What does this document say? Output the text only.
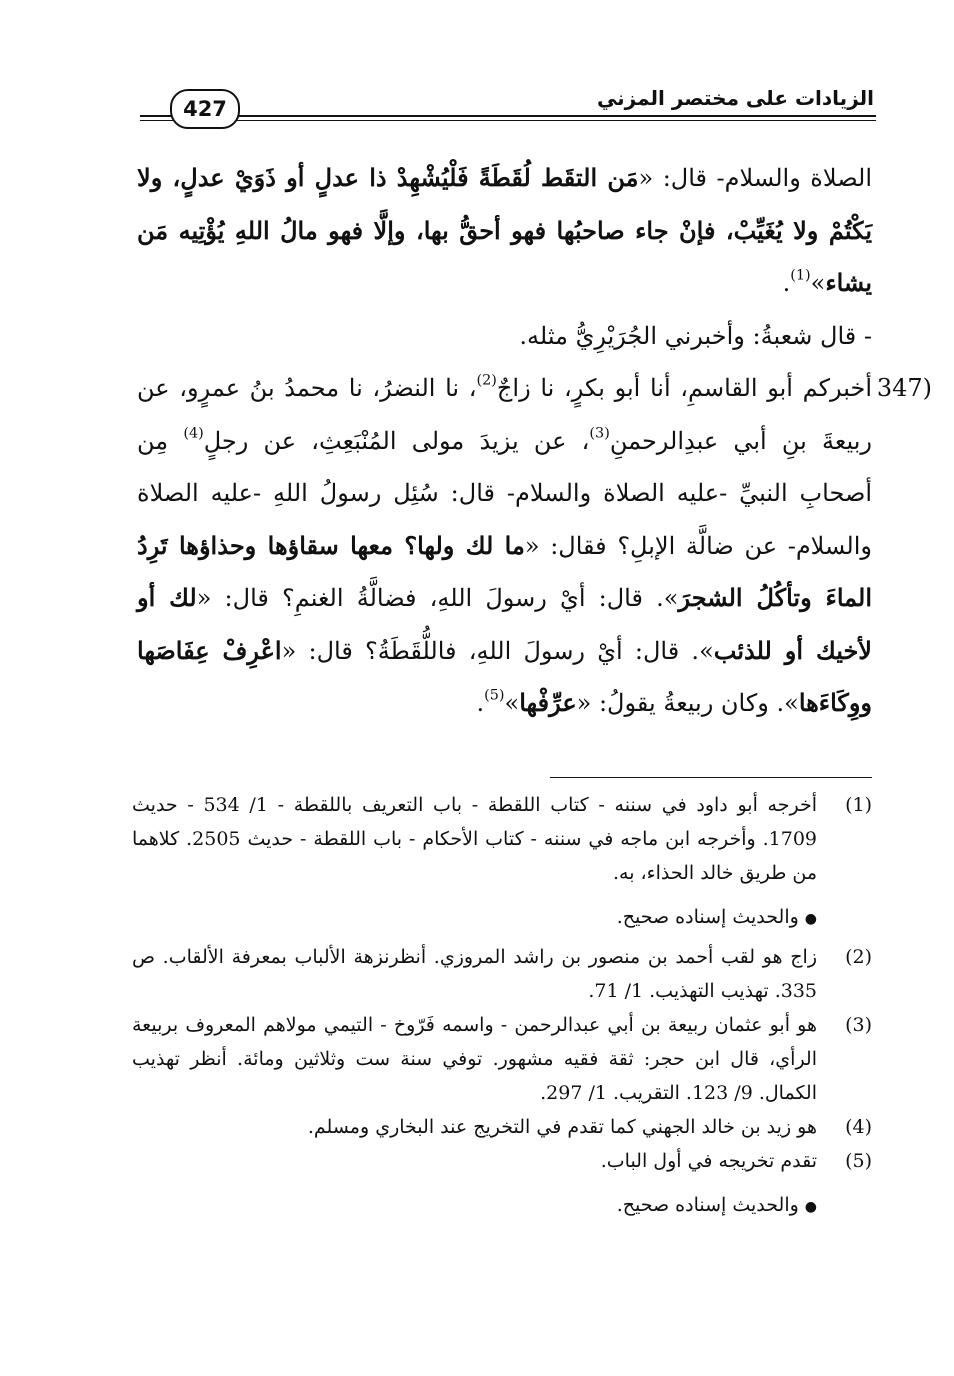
الزيادات على مختصر المزني
427

الصلاة والسلام- قال: «مَن التقَط لُقَطَةً فَلْيُشْهِدْ ذا عدلٍ أو ذَوَيْ عدلٍ، ولا يَكْتُمْ ولا يُغَيِّبْ، فإنْ جاء صاحبُها فهو أحقُّ بها، وإلَّا فهو مالُ اللهِ يُؤْتِيه مَن يشاء»$^{(1)}$.

- قال شعبةُ: وأخبرني الجُرَيْرِيُّ مثله.

347)
أخبركم أبو القاسمِ، أنا أبو بكرٍ، نا زاجٌ$^{(2)}$، نا النضرُ، نا محمدُ بنُ عمرٍو، عن ربيعةَ بنِ أبي عبدِالرحمنِ$^{(3)}$، عن يزيدَ مولى المُنْبَعِثِ، عن رجلٍ$^{(4)}$ مِن أصحابِ النبيِّ -عليه الصلاة والسلام- قال: سُئِل رسولُ اللهِ -عليه الصلاة والسلام- عن ضالَّة الإبلِ؟ فقال: «ما لك ولها؟ معها سقاؤها وحذاؤها تَرِدُ الماءَ وتأكُلُ الشجرَ». قال: أيْ رسولَ اللهِ، فضالَّةُ الغنمِ؟ قال: «لك أو لأخيك أو للذئب». قال: أيْ رسولَ اللهِ، فاللُّقَطَةُ؟ قال: «اعْرِفْ عِفَاصَها ووِكَاءَها». وكان ربيعةُ يقولُ: «عرِّفْها»$^{(5)}$.

(1)
أخرجه أبو داود في سننه - كتاب اللقطة - باب التعريف باللقطة - 1/ 534 - حديث 1709. وأخرجه ابن ماجه في سننه - كتاب الأحكام - باب اللقطة - حديث 2505. كلاهما من طريق خالد الحذاء، به.

●والحديث إسناده صحيح.

(2)
زاج هو لقب أحمد بن منصور بن راشد المروزي. أنظرنزهة الألباب بمعرفة الألقاب. ص 335. تهذيب التهذيب. 1/ 71.

(3)
هو أبو عثمان ربيعة بن أبي عبدالرحمن - واسمه فَرّوخ - التيمي مولاهم المعروف بربيعة الرأي، قال ابن حجر: ثقة فقيه مشهور. توفي سنة ست وثلاثين ومائة. أنظر تهذيب الكمال. 9/ 123. التقريب. 1/ 297.

(4)
هو زيد بن خالد الجهني كما تقدم في التخريج عند البخاري ومسلم.

(5)
تقدم تخريجه في أول الباب.

●والحديث إسناده صحيح.
